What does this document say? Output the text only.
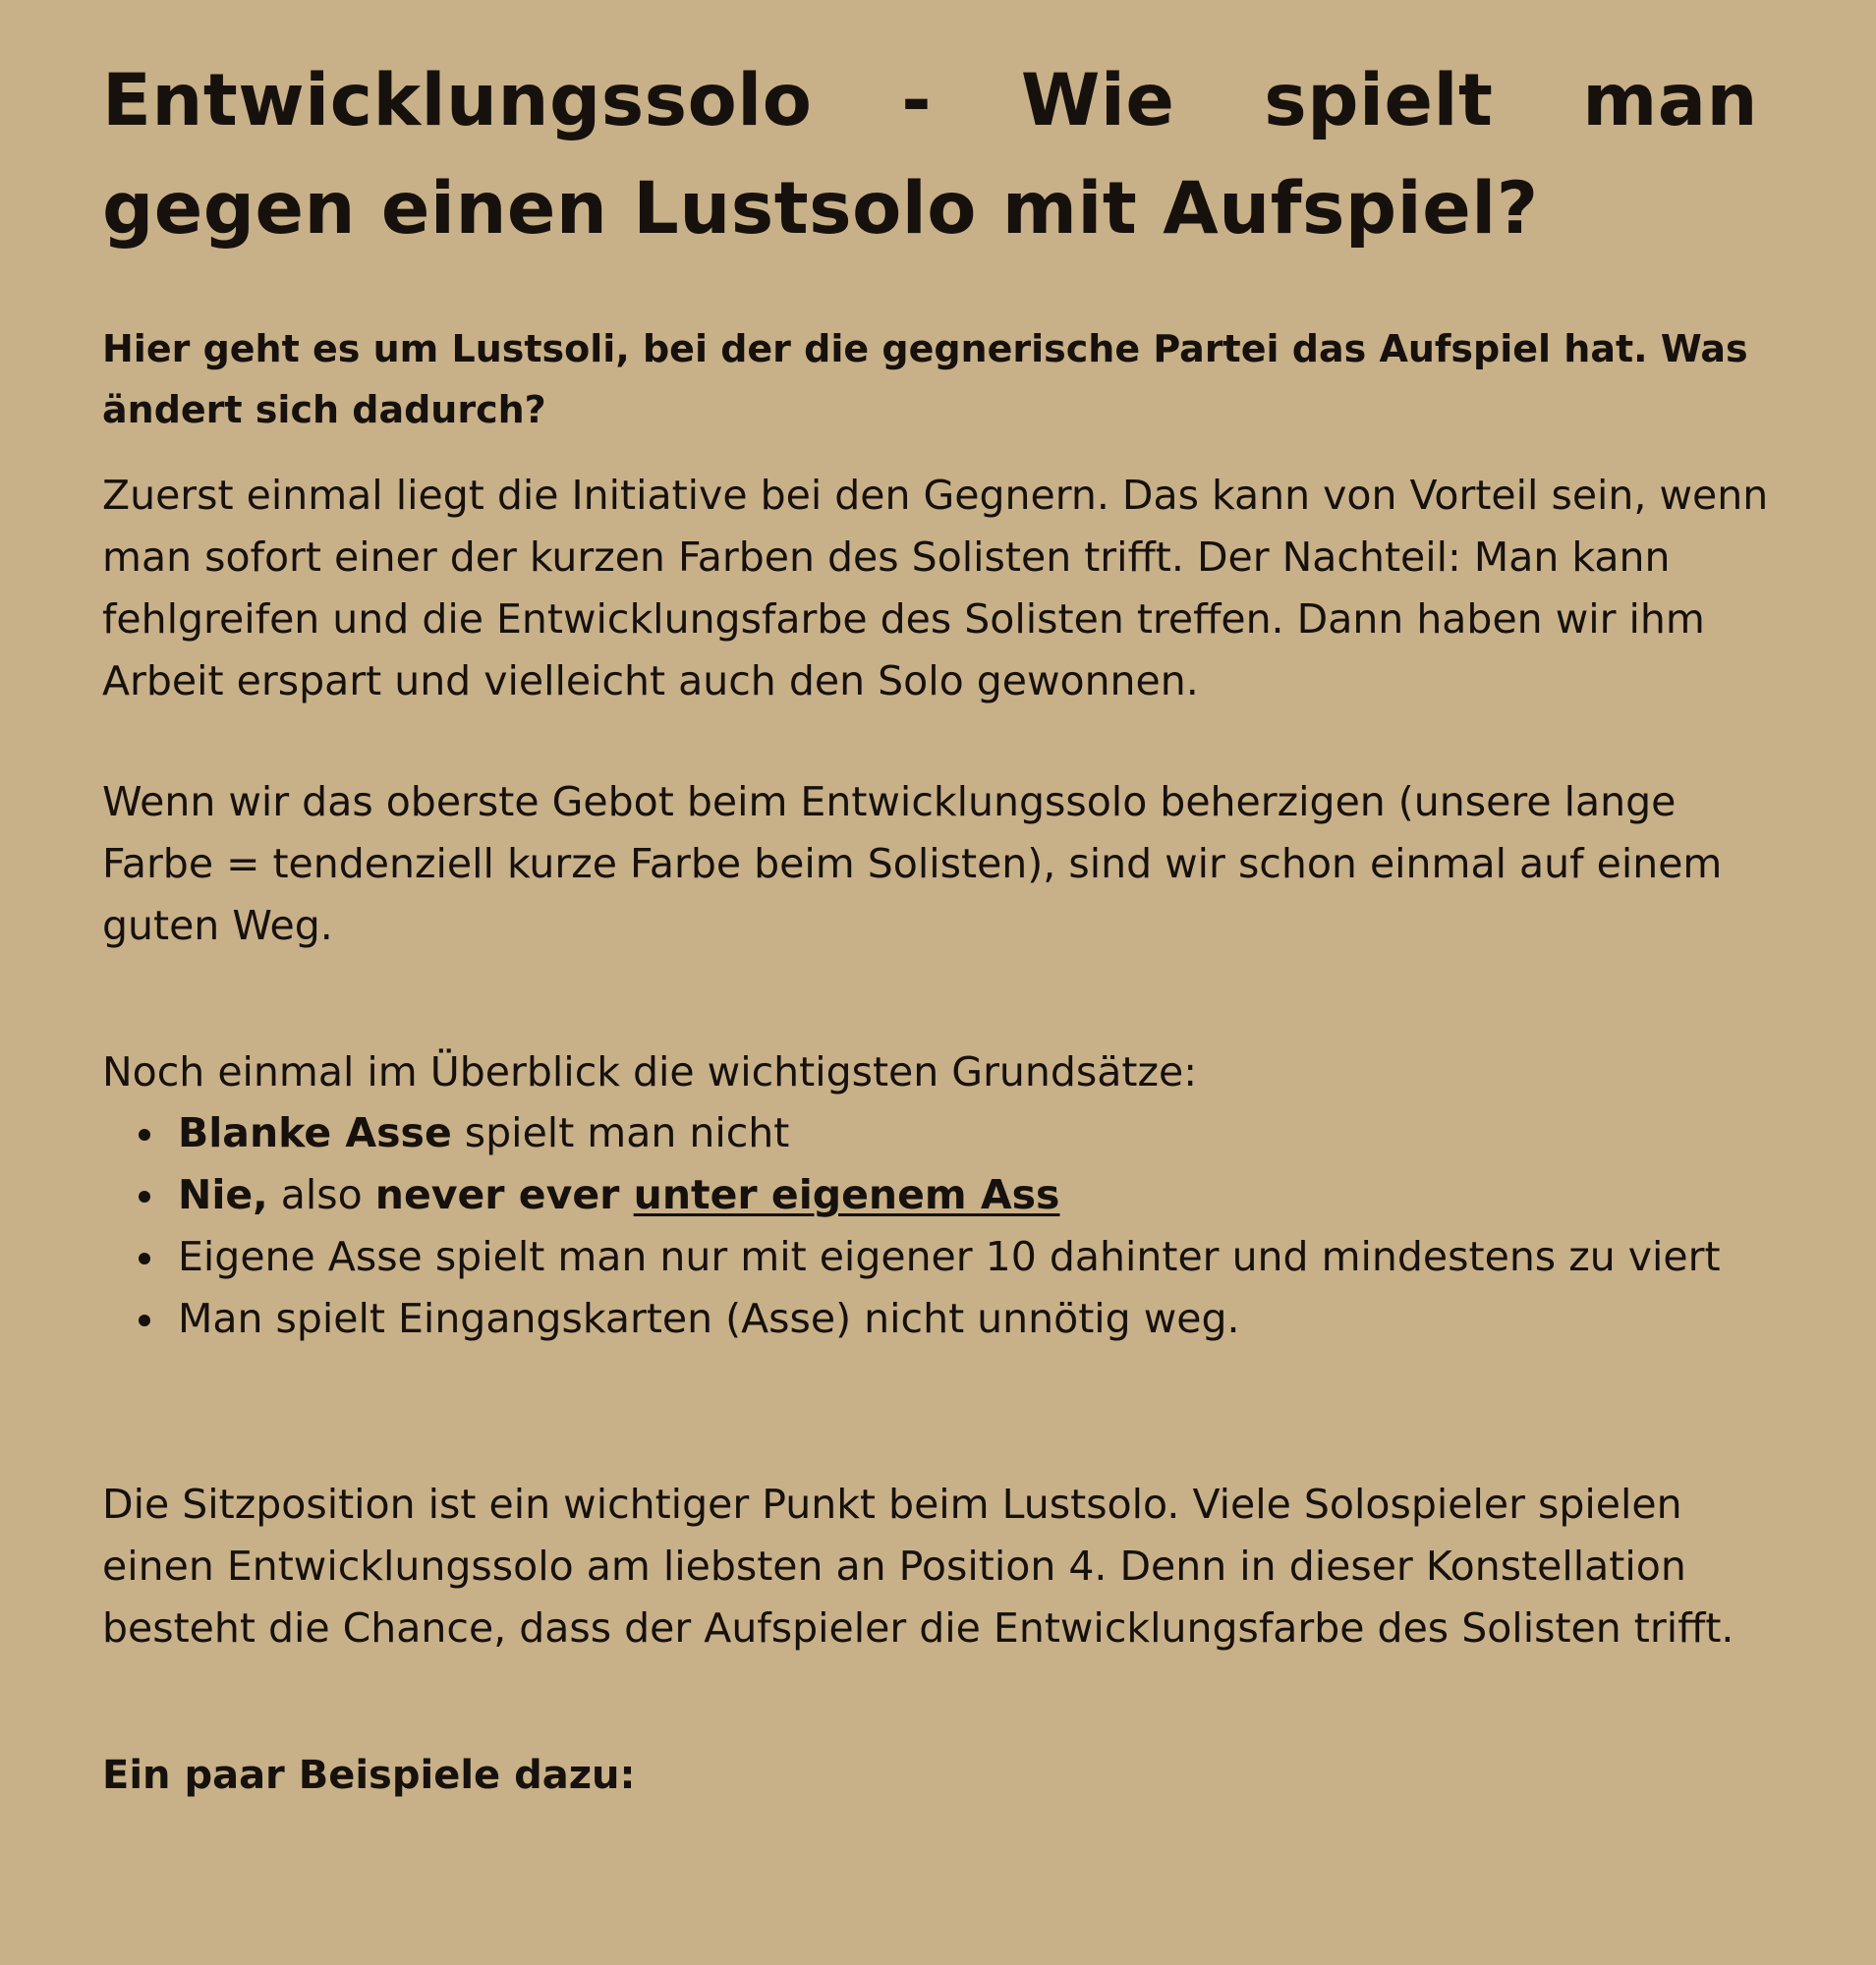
Entwicklungssolo - Wie spielt man gegen einen Lustsolo mit Aufspiel?

Hier geht es um Lustsoli, bei der die gegnerische Partei das Aufspiel hat. Was ändert sich dadurch?

Zuerst einmal liegt die Initiative bei den Gegnern. Das kann von Vorteil sein, wenn man sofort einer der kurzen Farben des Solisten trifft. Der Nachteil: Man kann fehlgreifen und die Entwicklungsfarbe des Solisten treffen. Dann haben wir ihm Arbeit erspart und vielleicht auch den Solo gewonnen.

Wenn wir das oberste Gebot beim Entwicklungssolo beherzigen (unsere lange Farbe = tendenziell kurze Farbe beim Solisten), sind wir schon einmal auf einem guten Weg.

Noch einmal im Überblick die wichtigsten Grundsätze:

Blanke Asse spielt man nicht
Nie, also never ever unter eigenem Ass
Eigene Asse spielt man nur mit eigener 10 dahinter und mindestens zu viert
Man spielt Eingangskarten (Asse) nicht unnötig weg.

Die Sitzposition ist ein wichtiger Punkt beim Lustsolo. Viele Solospieler spielen einen Entwicklungssolo am liebsten an Position 4. Denn in dieser Konstellation besteht die Chance, dass der Aufspieler die Entwicklungsfarbe des Solisten trifft.

Ein paar Beispiele dazu:
